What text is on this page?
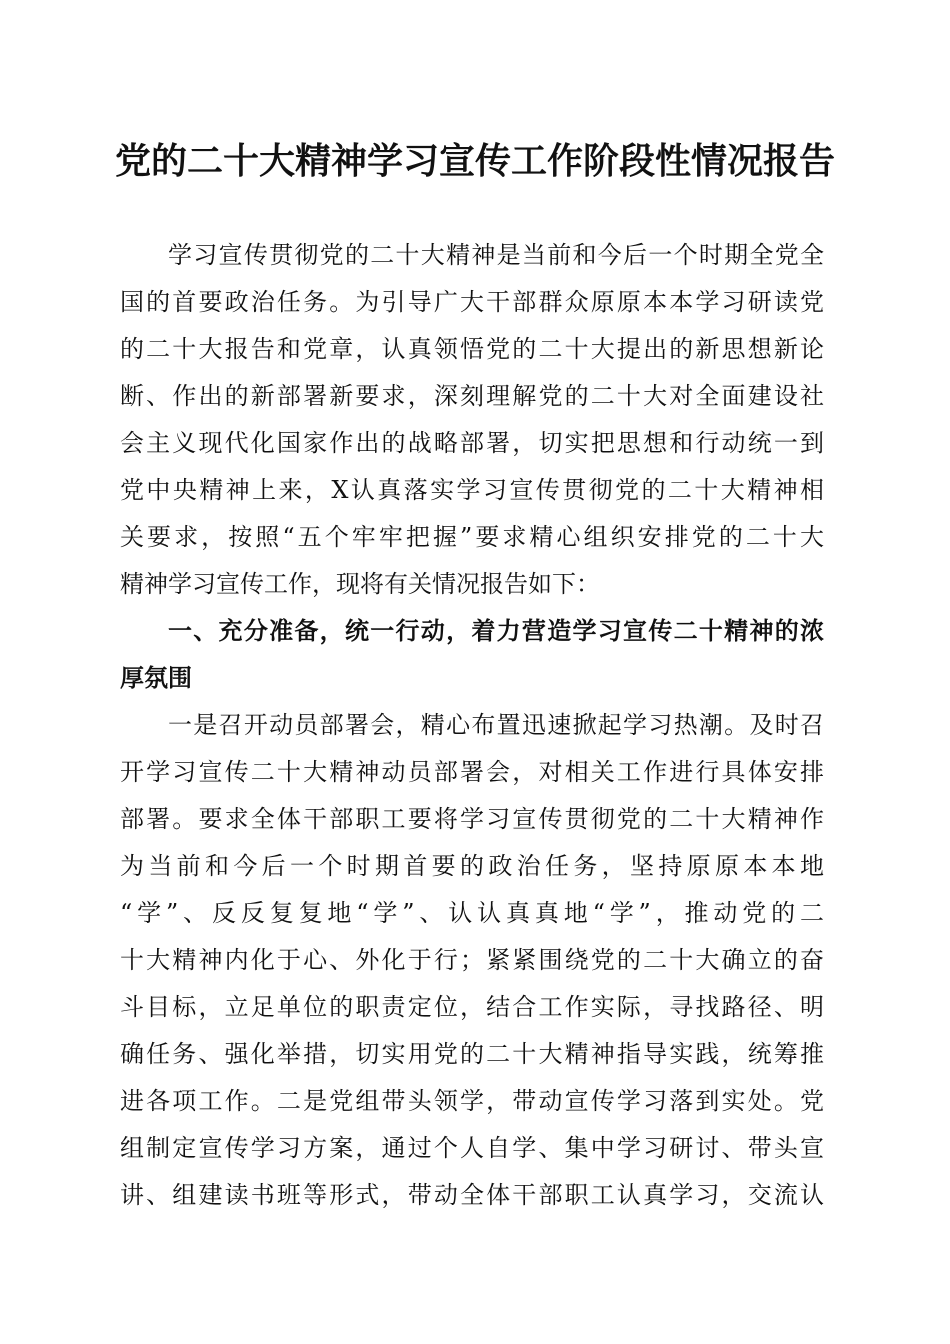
党的二十大精神学习宣传工作阶段性情况报告
学习宣传贯彻党的二十大精神是当前和今后一个时期全党全
国的首要政治任务。为引导广大干部群众原原本本学习研读党
的二十大报告和党章，认真领悟党的二十大提出的新思想新论
断、作出的新部署新要求，深刻理解党的二十大对全面建设社
会主义现代化国家作出的战略部署，切实把思想和行动统一到
党中央精神上来，X认真落实学习宣传贯彻党的二十大精神相
关要求，按照“五个牢牢把握”要求精心组织安排党的二十大
精神学习宣传工作，现将有关情况报告如下：
一、充分准备，统一行动，着力营造学习宣传二十精神的浓
厚氛围
一是召开动员部署会，精心布置迅速掀起学习热潮。及时召
开学习宣传二十大精神动员部署会，对相关工作进行具体安排
部署。要求全体干部职工要将学习宣传贯彻党的二十大精神作
为当前和今后一个时期首要的政治任务，坚持原原本本地
“学”、反反复复地“学”、认认真真地“学”，推动党的二
十大精神内化于心、外化于行；紧紧围绕党的二十大确立的奋
斗目标，立足单位的职责定位，结合工作实际，寻找路径、明
确任务、强化举措，切实用党的二十大精神指导实践，统筹推
进各项工作。二是党组带头领学，带动宣传学习落到实处。党
组制定宣传学习方案，通过个人自学、集中学习研讨、带头宣
讲、组建读书班等形式，带动全体干部职工认真学习，交流认
